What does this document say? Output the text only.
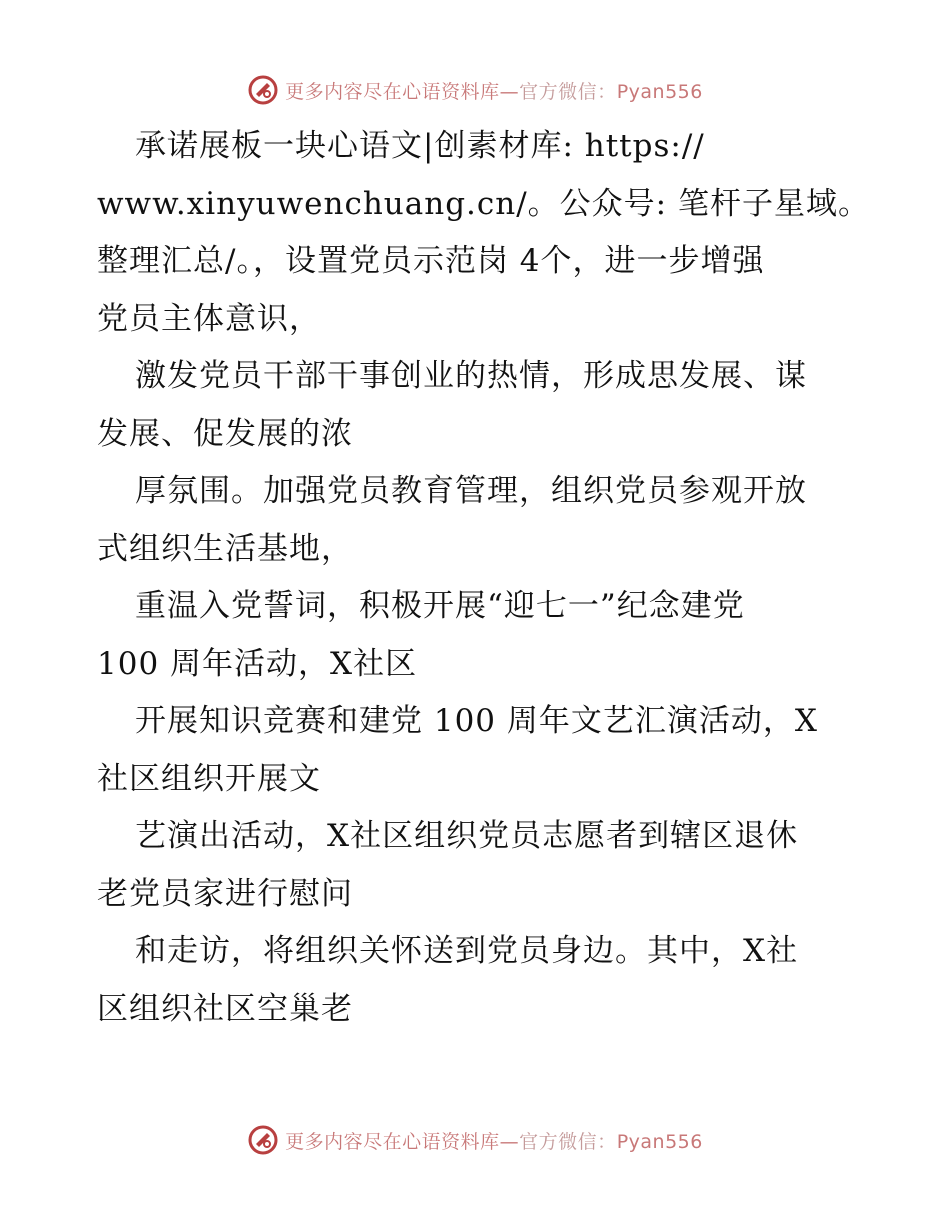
更多内容尽在心语资料库—官方微信：Pyan556
承诺展板一块心语文|创素材库: https://
www.xinyuwenchuang.cn/。公众号: 笔杆子星域。
整理汇总/。，设置党员示范岗 4个，进一步增强
党员主体意识，
激发党员干部干事创业的热情，形成思发展、谋
发展、促发展的浓
厚氛围。加强党员教育管理，组织党员参观开放
式组织生活基地，
重温入党誓词，积极开展“迎七一”纪念建党
100 周年活动，X社区
开展知识竞赛和建党 100 周年文艺汇演活动，X
社区组织开展文
艺演出活动，X社区组织党员志愿者到辖区退休
老党员家进行慰问
和走访，将组织关怀送到党员身边。其中，X社
区组织社区空巢老
更多内容尽在心语资料库—官方微信：Pyan556
